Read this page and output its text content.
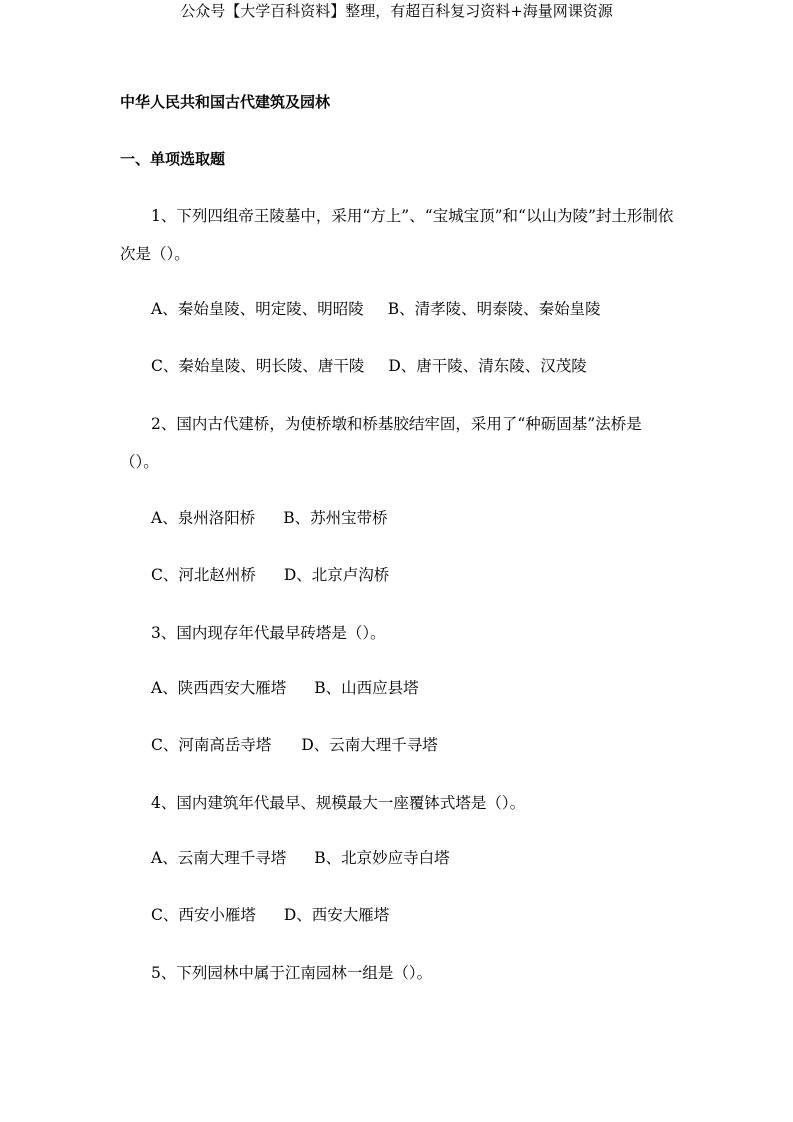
公众号【大学百科资料】整理，有超百科复习资料+海量网课资源
中华人民共和国古代建筑及园林
一、单项选取题
1、下列四组帝王陵墓中，采用“方上”、“宝城宝顶”和“以山为陵”封土形制依次是（）。
A、秦始皇陵、明定陵、明昭陵 B、清孝陵、明泰陵、秦始皇陵
C、秦始皇陵、明长陵、唐干陵 D、唐干陵、清东陵、汉茂陵
2、国内古代建桥，为使桥墩和桥基胶结牢固，采用了“种砺固基”法桥是（）。
A、泉州洛阳桥 B、苏州宝带桥
C、河北赵州桥 D、北京卢沟桥
3、国内现存年代最早砖塔是（）。
A、陕西西安大雁塔 B、山西应县塔
C、河南高岳寺塔 D、云南大理千寻塔
4、国内建筑年代最早、规模最大一座覆钵式塔是（）。
A、云南大理千寻塔 B、北京妙应寺白塔
C、西安小雁塔 D、西安大雁塔
5、下列园林中属于江南园林一组是（）。
